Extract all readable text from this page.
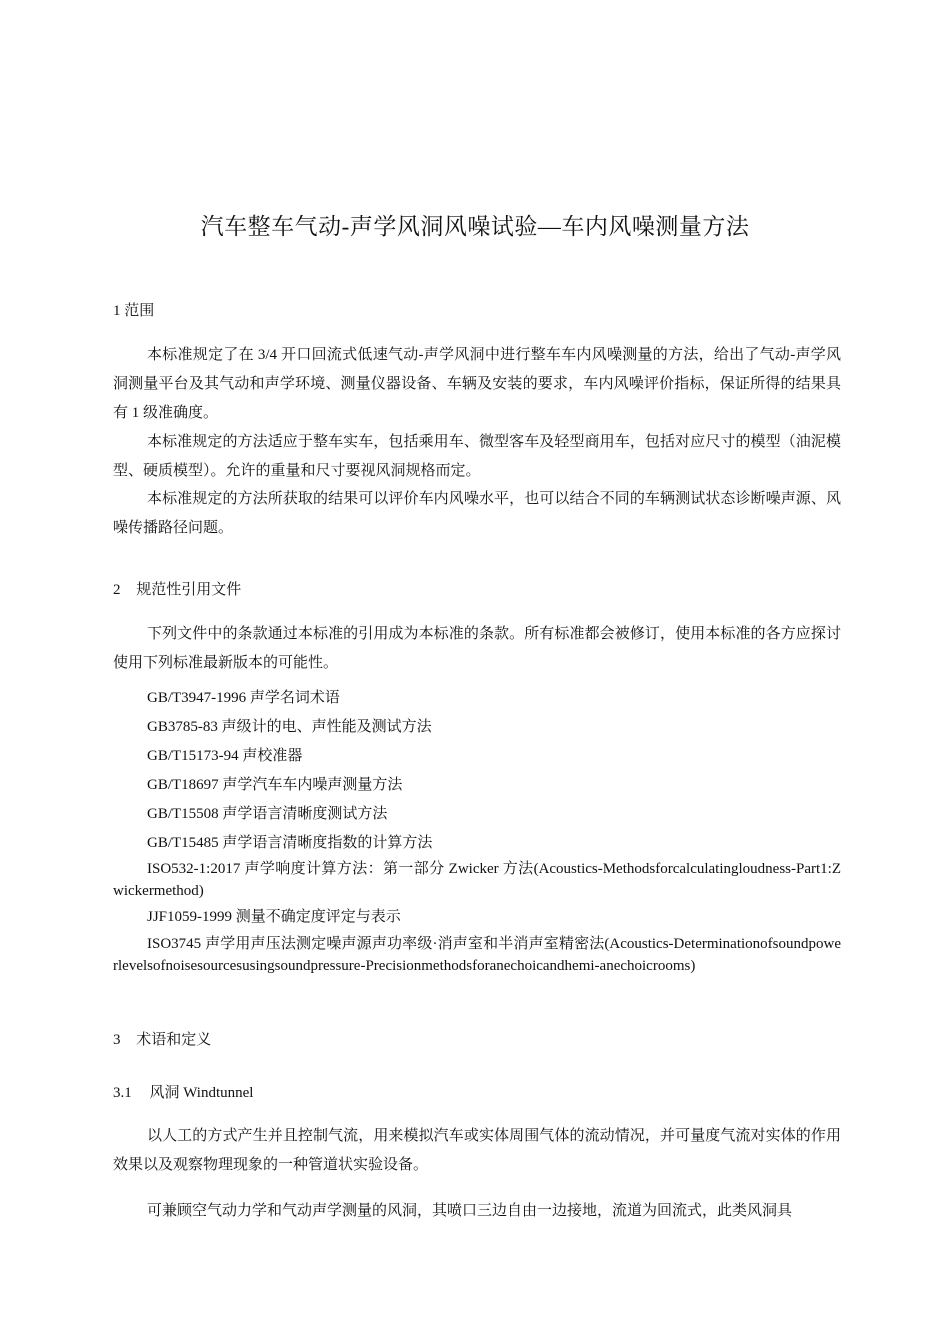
汽车整车气动-声学风洞风噪试验—车内风噪测量方法
1 范围
本标准规定了在 3/4 开口回流式低速气动-声学风洞中进行整车车内风噪测量的方法，给出了气动-声学风洞测量平台及其气动和声学环境、测量仪器设备、车辆及安装的要求，车内风噪评价指标，保证所得的结果具有 1 级准确度。
本标准规定的方法适应于整车实车，包括乘用车、微型客车及轻型商用车，包括对应尺寸的模型（油泥模型、硬质模型）。允许的重量和尺寸要视风洞规格而定。
本标准规定的方法所获取的结果可以评价车内风噪水平，也可以结合不同的车辆测试状态诊断噪声源、风噪传播路径问题。
2 规范性引用文件
下列文件中的条款通过本标准的引用成为本标准的条款。所有标准都会被修订，使用本标准的各方应探讨使用下列标准最新版本的可能性。
GB/T3947-1996 声学名词术语
GB3785-83 声级计的电、声性能及测试方法
GB/T15173-94 声校准器
GB/T18697 声学汽车车内噪声测量方法
GB/T15508 声学语言清晰度测试方法
GB/T15485 声学语言清晰度指数的计算方法
ISO532-1:2017 声学响度计算方法：第一部分 Zwicker 方法(Acoustics-Methodsforcalculatingloudness-Part1:Zwickermethod)
JJF1059-1999 测量不确定度评定与表示
ISO3745 声学用声压法测定噪声源声功率级·消声室和半消声室精密法(Acoustics-Determinationofsoundpowerlevelsofnoisesourcesusingsoundpressure-Precisionmethodsforanechoicandhemi-anechoicrooms)
3 术语和定义
3.1 风洞 Windtunnel
以人工的方式产生并且控制气流，用来模拟汽车或实体周围气体的流动情况，并可量度气流对实体的作用效果以及观察物理现象的一种管道状实验设备。
可兼顾空气动力学和气动声学测量的风洞，其喷口三边自由一边接地，流道为回流式，此类风洞具
